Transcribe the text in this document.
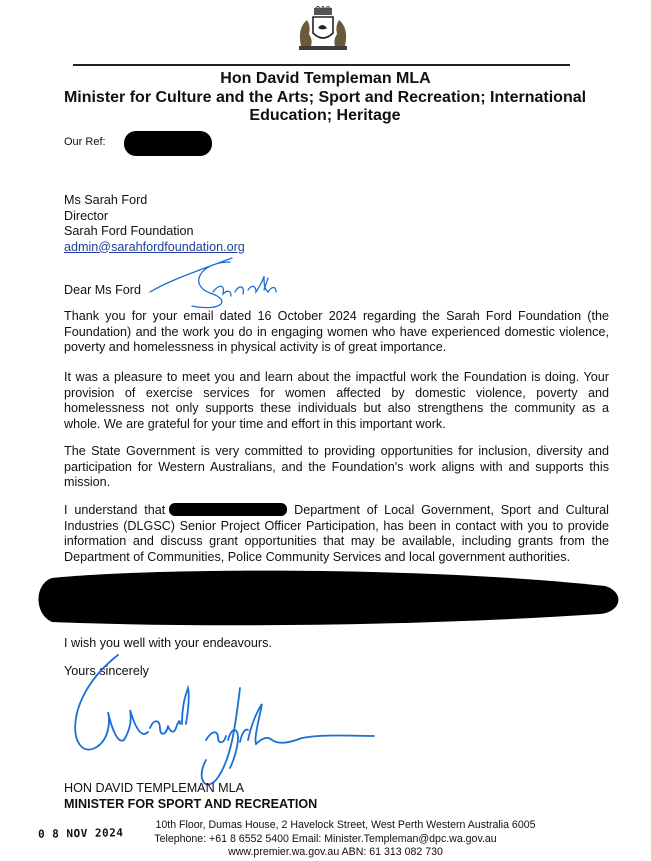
Hon David Templeman MLA
Minister for Culture and the Arts; Sport and Recreation; International Education; Heritage
Our Ref:
Ms Sarah Ford
Director
Sarah Ford Foundation
admin@sarahfordfoundation.org
Dear Ms Ford
Thank you for your email dated 16 October 2024 regarding the Sarah Ford Foundation (the Foundation) and the work you do in engaging women who have experienced domestic violence, poverty and homelessness in physical activity is of great importance.
It was a pleasure to meet you and learn about the impactful work the Foundation is doing. Your provision of exercise services for women affected by domestic violence, poverty and homelessness not only supports these individuals but also strengthens the community as a whole. We are grateful for your time and effort in this important work.
The State Government is very committed to providing opportunities for inclusion, diversity and participation for Western Australians, and the Foundation's work aligns with and supports this mission.
I understand that	Department of Local Government, Sport and Cultural Industries (DLGSC) Senior Project Officer Participation, has been in contact with you to provide information and discuss grant opportunities that may be available, including grants from the Department of Communities, Police Community Services and local government authorities.
I wish you well with your endeavours.
Yours sincerely
HON DAVID TEMPLEMAN MLA
MINISTER FOR SPORT AND RECREATION
0 8 NOV 2024
10th Floor, Dumas House, 2 Havelock Street, West Perth Western Australia 6005
Telephone: +61 8 6552 5400 Email: Minister.Templeman@dpc.wa.gov.au
www.premier.wa.gov.au ABN: 61 313 082 730
